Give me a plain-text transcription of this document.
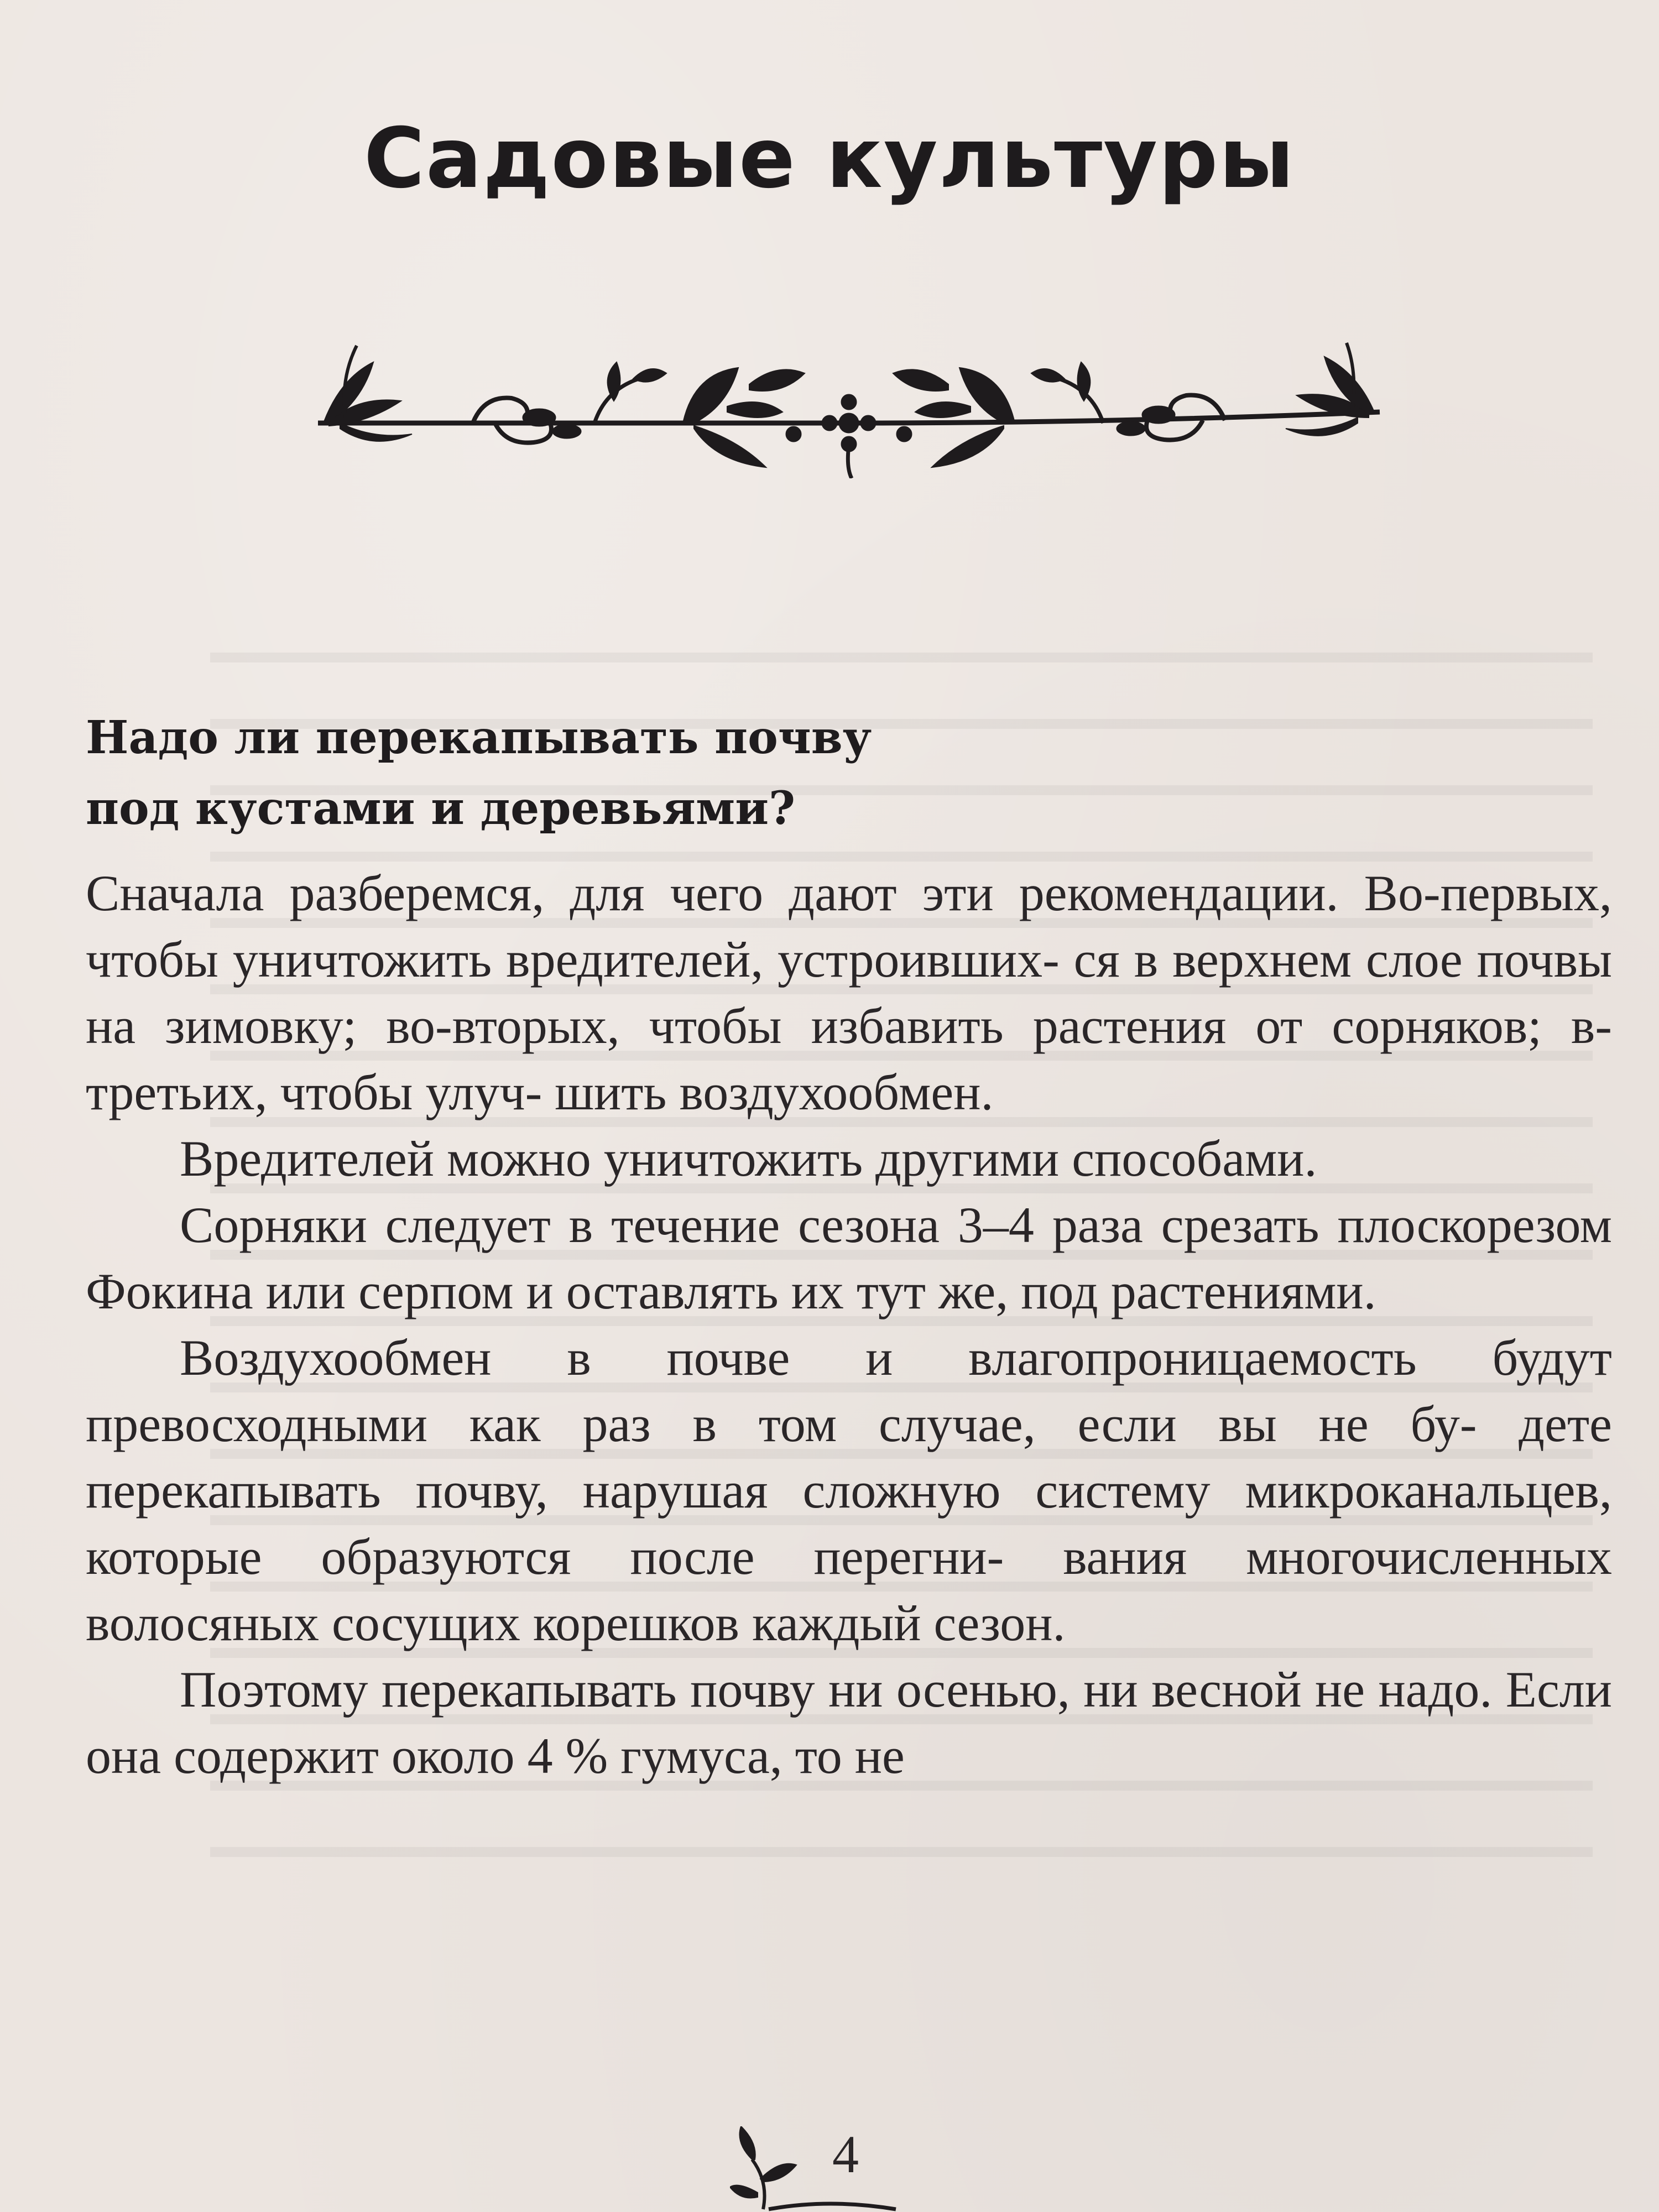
Садовые культуры
Надо ли перекапывать почву
под кустами и деревьями?

Сначала разберемся, для чего дают эти рекомендации. Во-первых, чтобы уничтожить вредителей, устроивших- ся в верхнем слое почвы на зимовку; во-вторых, чтобы избавить растения от сорняков; в-третьих, чтобы улуч- шить воздухообмен.

Вредителей можно уничтожить другими способами.

Сорняки следует в течение сезона 3–4 раза срезать плоскорезом Фокина или серпом и оставлять их тут же, под растениями.

Воздухообмен в почве и влагопроницаемость будут превосходными как раз в том случае, если вы не бу- дете перекапывать почву, нарушая сложную систему микроканальцев, которые образуются после перегни- вания многочисленных волосяных сосущих корешков каждый сезон.

Поэтому перекапывать почву ни осенью, ни весной не надо. Если она содержит около 4 % гумуса, то не

4
